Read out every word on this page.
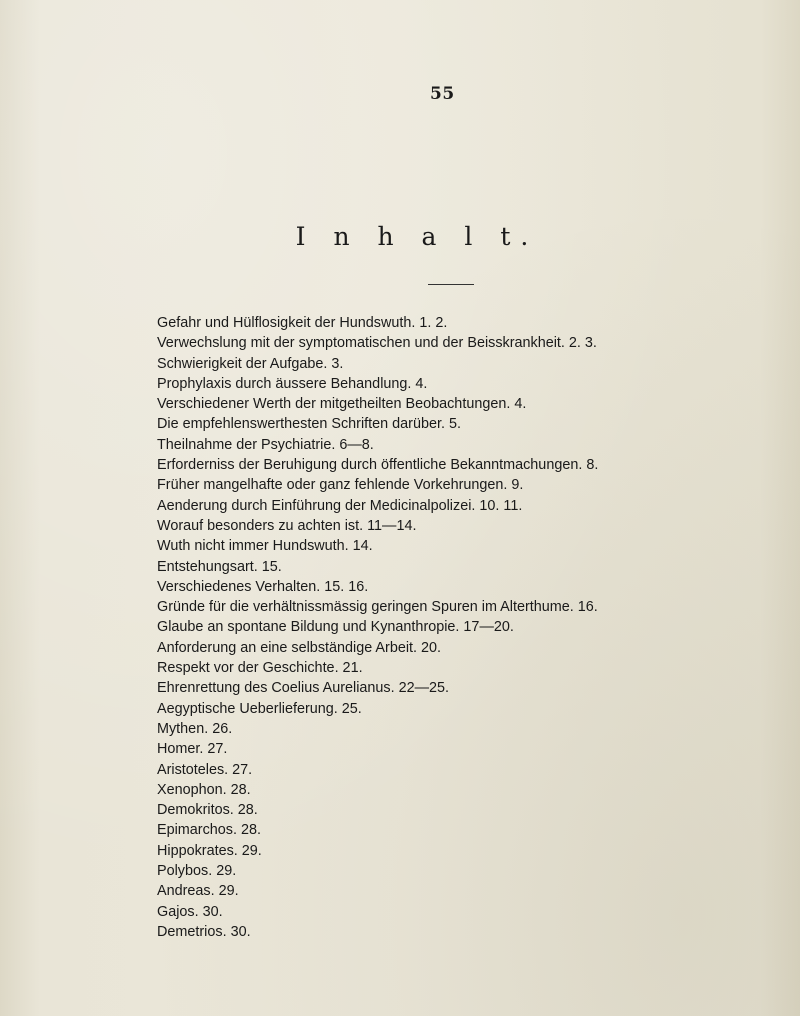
55
I n h a l t.
Gefahr und Hülflosigkeit der Hundswuth. 1. 2.
Verwechslung mit der symptomatischen und der Beisskrankheit. 2. 3.
Schwierigkeit der Aufgabe. 3.
Prophylaxis durch äussere Behandlung. 4.
Verschiedener Werth der mitgetheilten Beobachtungen. 4.
Die empfehlenswerthesten Schriften darüber. 5.
Theilnahme der Psychiatrie. 6—8.
Erforderniss der Beruhigung durch öffentliche Bekanntmachungen. 8.
Früher mangelhafte oder ganz fehlende Vorkehrungen. 9.
Aenderung durch Einführung der Medicinalpolizei. 10. 11.
Worauf besonders zu achten ist. 11—14.
Wuth nicht immer Hundswuth. 14.
Entstehungsart. 15.
Verschiedenes Verhalten. 15. 16.
Gründe für die verhältnissmässig geringen Spuren im Alterthume. 16.
Glaube an spontane Bildung und Kynanthropie. 17—20.
Anforderung an eine selbständige Arbeit. 20.
Respekt vor der Geschichte. 21.
Ehrenrettung des Coelius Aurelianus. 22—25.
Aegyptische Ueberlieferung. 25.
Mythen. 26.
Homer. 27.
Aristoteles. 27.
Xenophon. 28.
Demokritos. 28.
Epimarchos. 28.
Hippokrates. 29.
Polybos. 29.
Andreas. 29.
Gajos. 30.
Demetrios. 30.
